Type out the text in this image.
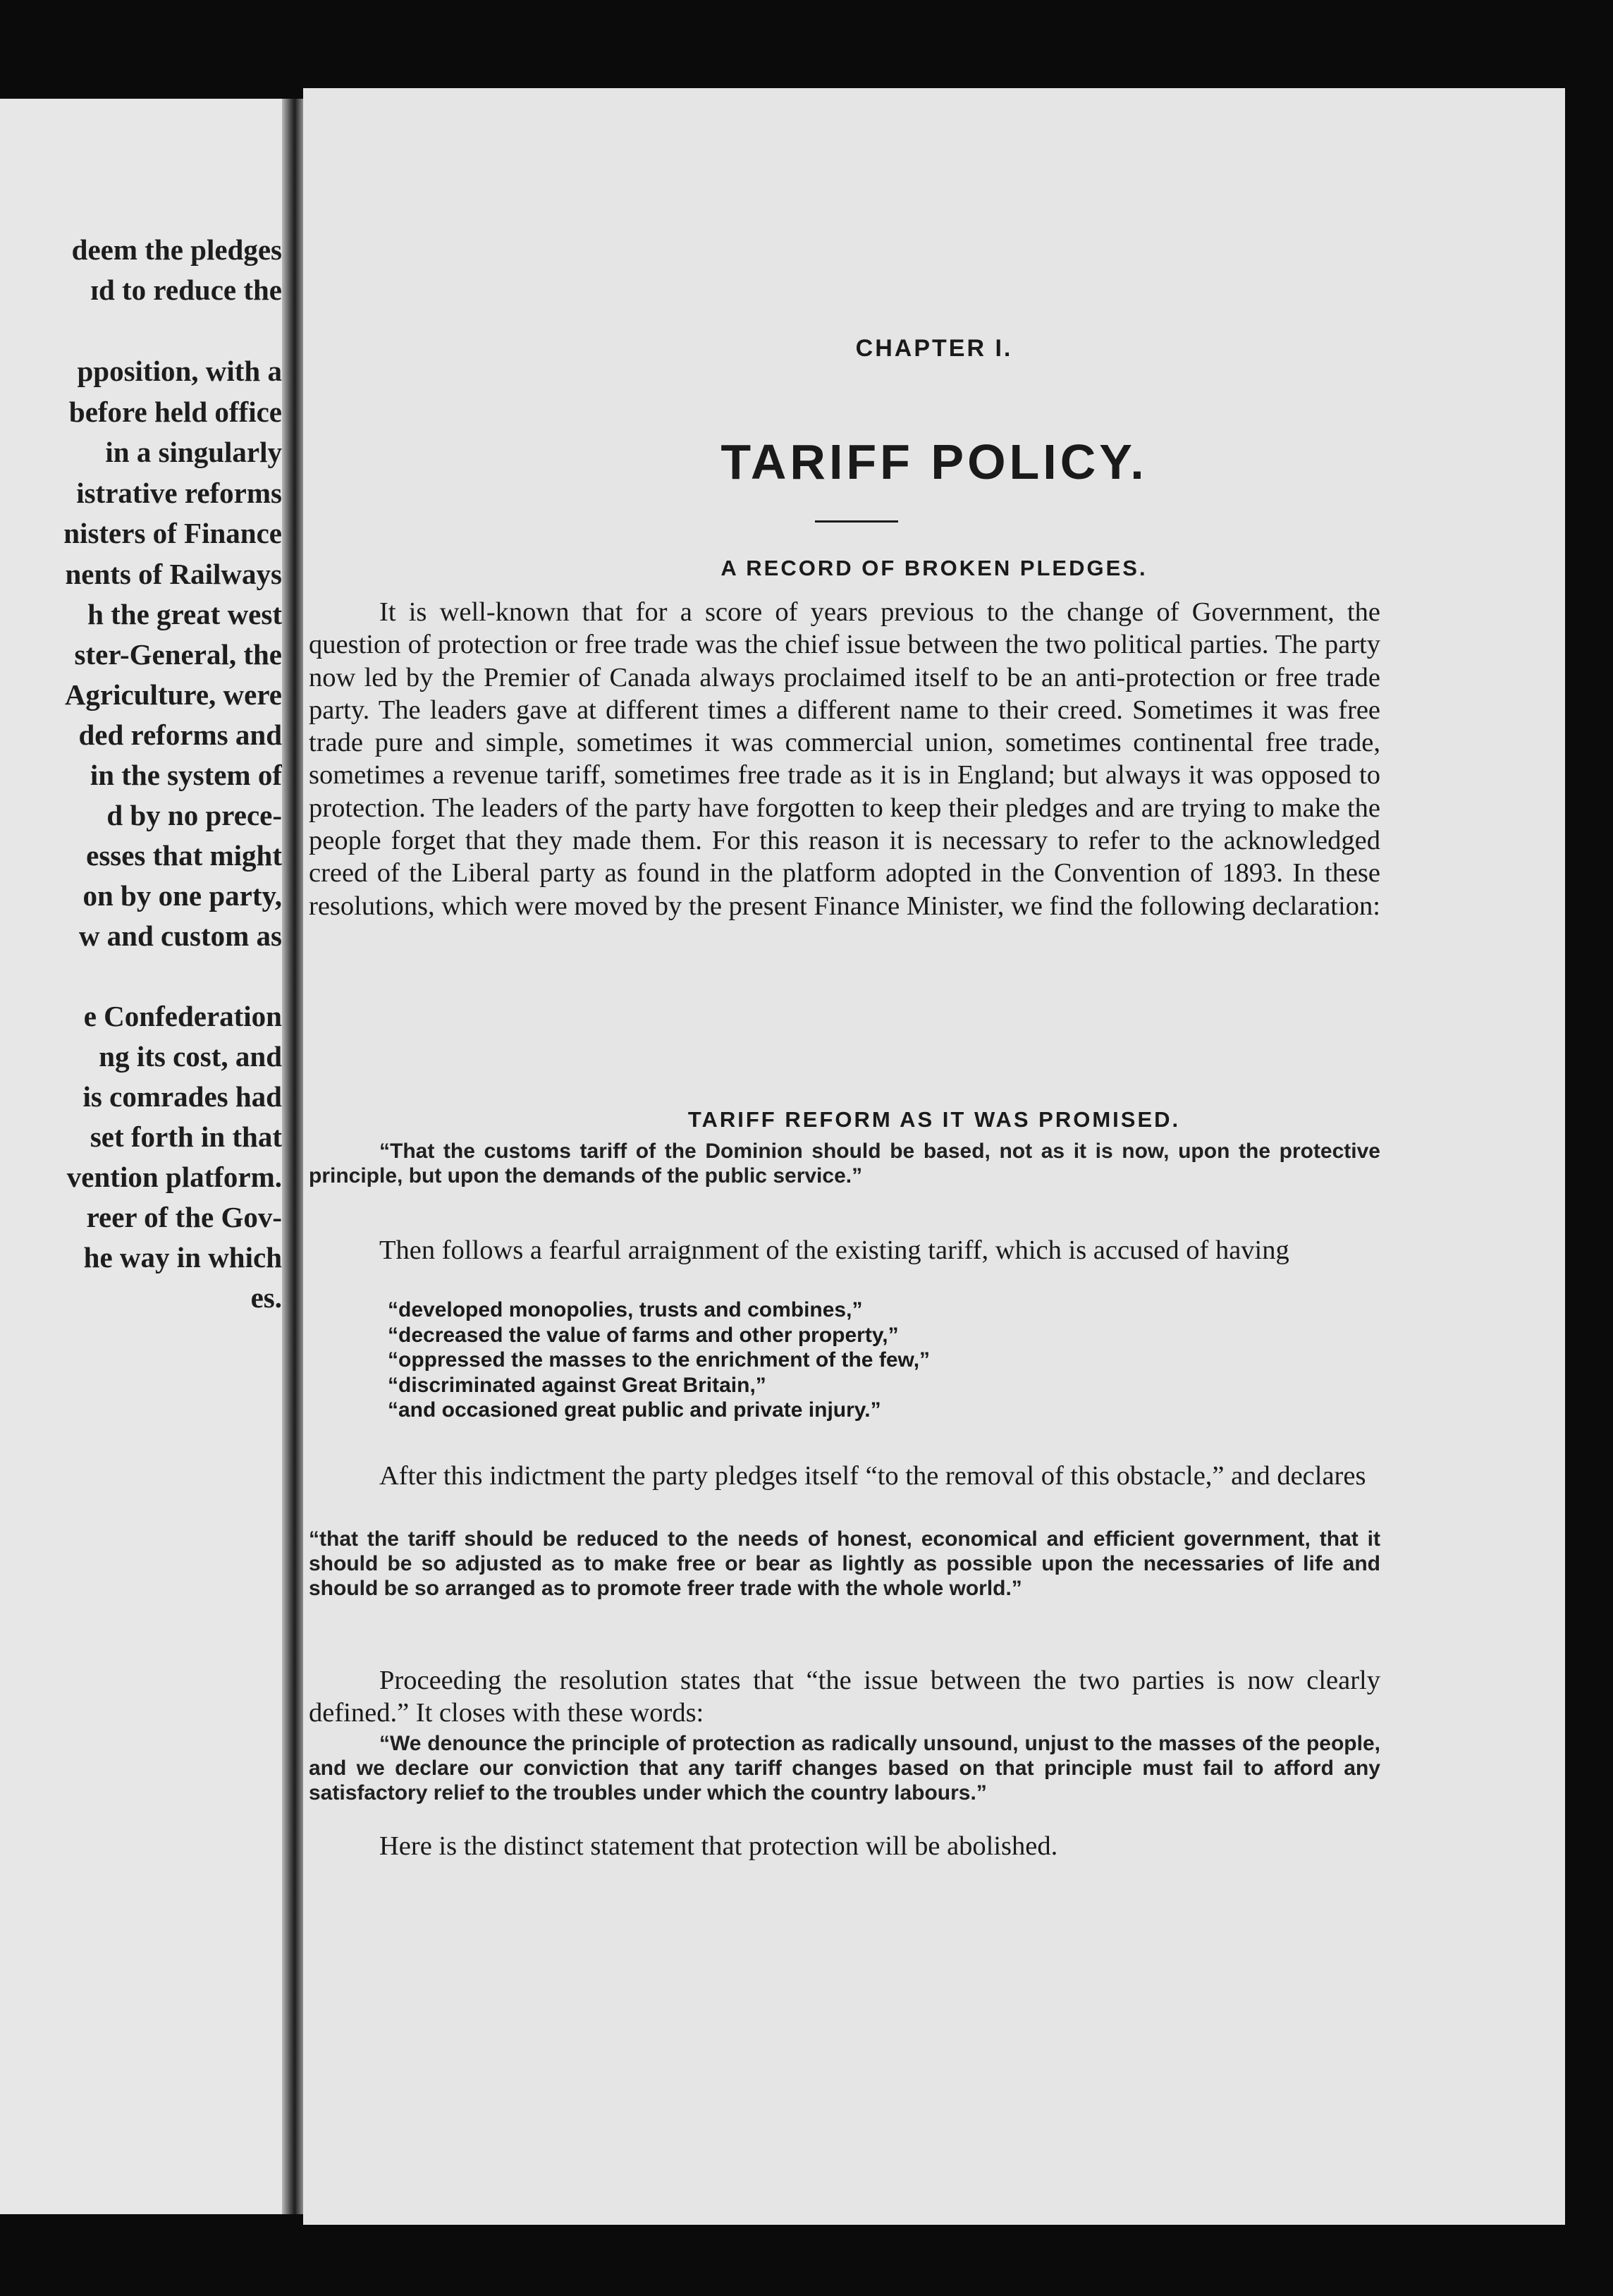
deem the pledges

ɪd to reduce the

pposition, with a

before held office

in a singularly

istrative reforms

nisters of Finance

nents of Railways

h the great west

ster-General, the

Agriculture, were

ded reforms and

in the system of

d by no prece-

esses that might

on by one party,

w and custom as

e Confederation

ng its cost, and

is comrades had

set forth in that

vention platform.

reer of the Gov-

he way in which

es.

CHAPTER I.

TARIFF POLICY.

A RECORD OF BROKEN PLEDGES.

It is well-known that for a score of years previous to the change of Government, the question of protection or free trade was the chief issue between the two political parties. The party now led by the Premier of Canada always proclaimed itself to be an anti-protection or free trade party. The leaders gave at different times a different name to their creed. Sometimes it was free trade pure and simple, sometimes it was commercial union, sometimes continental free trade, sometimes a revenue tariff, sometimes free trade as it is in England; but always it was opposed to protection. The leaders of the party have forgotten to keep their pledges and are trying to make the people forget that they made them. For this reason it is necessary to refer to the acknowledged creed of the Liberal party as found in the platform adopted in the Convention of 1893. In these resolutions, which were moved by the present Finance Minister, we find the following declaration:

TARIFF REFORM AS IT WAS PROMISED.

“That the customs tariff of the Dominion should be based, not as it is now, upon the protective principle, but upon the demands of the public service.”

Then follows a fearful arraignment of the existing tariff, which is accused of having

“developed monopolies, trusts and combines,”
“decreased the value of farms and other property,”
“oppressed the masses to the enrichment of the few,”
“discriminated against Great Britain,”
“and occasioned great public and private injury.”

After this indictment the party pledges itself “to the removal of this obstacle,” and declares

“that the tariff should be reduced to the needs of honest, economical and efficient government, that it should be so adjusted as to make free or bear as lightly as possible upon the necessaries of life and should be so arranged as to promote freer trade with the whole world.”

Proceeding the resolution states that “the issue between the two parties is now clearly defined.” It closes with these words:

“We denounce the principle of protection as radically unsound, unjust to the masses of the people, and we declare our conviction that any tariff changes based on that principle must fail to afford any satisfactory relief to the troubles under which the country labours.”

Here is the distinct statement that protection will be abolished.
